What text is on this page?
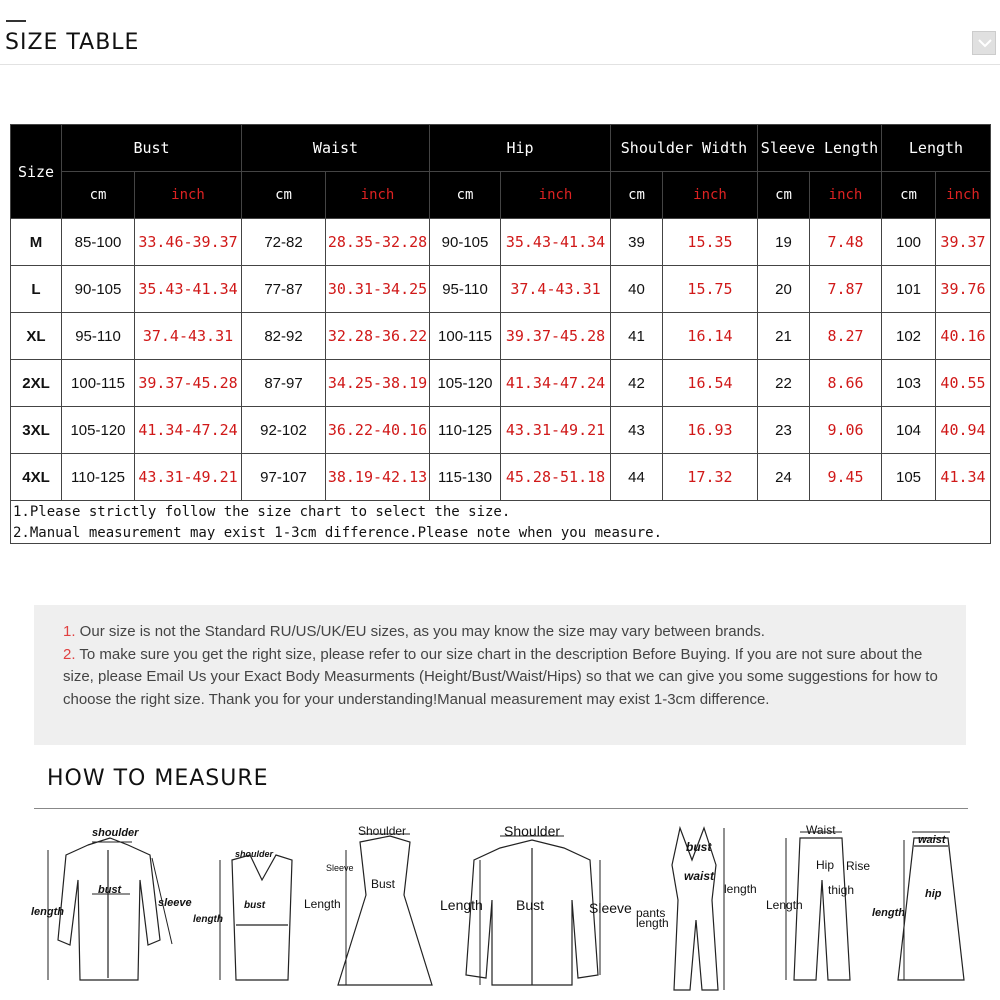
SIZE TABLE
Size	Bust		Waist		Hip		Shoulder Width		Sleeve Length		Length	
	cm	inch	cm	inch	cm	inch	cm	inch	cm	inch	cm	inch
M	85-100	33.46-39.37	72-82	28.35-32.28	90-105	35.43-41.34	39	15.35	19	7.48	100	39.37
L	90-105	35.43-41.34	77-87	30.31-34.25	95-110	37.4-43.31	40	15.75	20	7.87	101	39.76
XL	95-110	37.4-43.31	82-92	32.28-36.22	100-115	39.37-45.28	41	16.14	21	8.27	102	40.16
2XL	100-115	39.37-45.28	87-97	34.25-38.19	105-120	41.34-47.24	42	16.54	22	8.66	103	40.55
3XL	105-120	41.34-47.24	92-102	36.22-40.16	110-125	43.31-49.21	43	16.93	23	9.06	104	40.94
4XL	110-125	43.31-49.21	97-107	38.19-42.13	115-130	45.28-51.18	44	17.32	24	9.45	105	41.34
1.Please strictly follow the size chart to select the size.												
2.Manual measurement may exist 1-3cm difference.Please note when you measure.												
1. Our size is not the Standard RU/US/UK/EU sizes, as you may know the size may vary between brands.
2. To make sure you get the right size, please refer to our size chart in the description Before Buying. If you are not sure about the size, please Email Us your Exact Body Measurments (Height/Bust/Waist/Hips) so that we can give you some suggestions for how to choose the right size. Thank you for your understanding!Manual measurement may exist 1-3cm difference.
HOW TO MEASURE
shoulder
bust
sleeve
length
shoulder
bust
length
Shoulder
Sleeve
Bust
Length
Shoulder
Length Bust	Sleeve
bust
waist
length
pants
length
Waist
Hip Rise
thigh
Length
waist
hip
length
